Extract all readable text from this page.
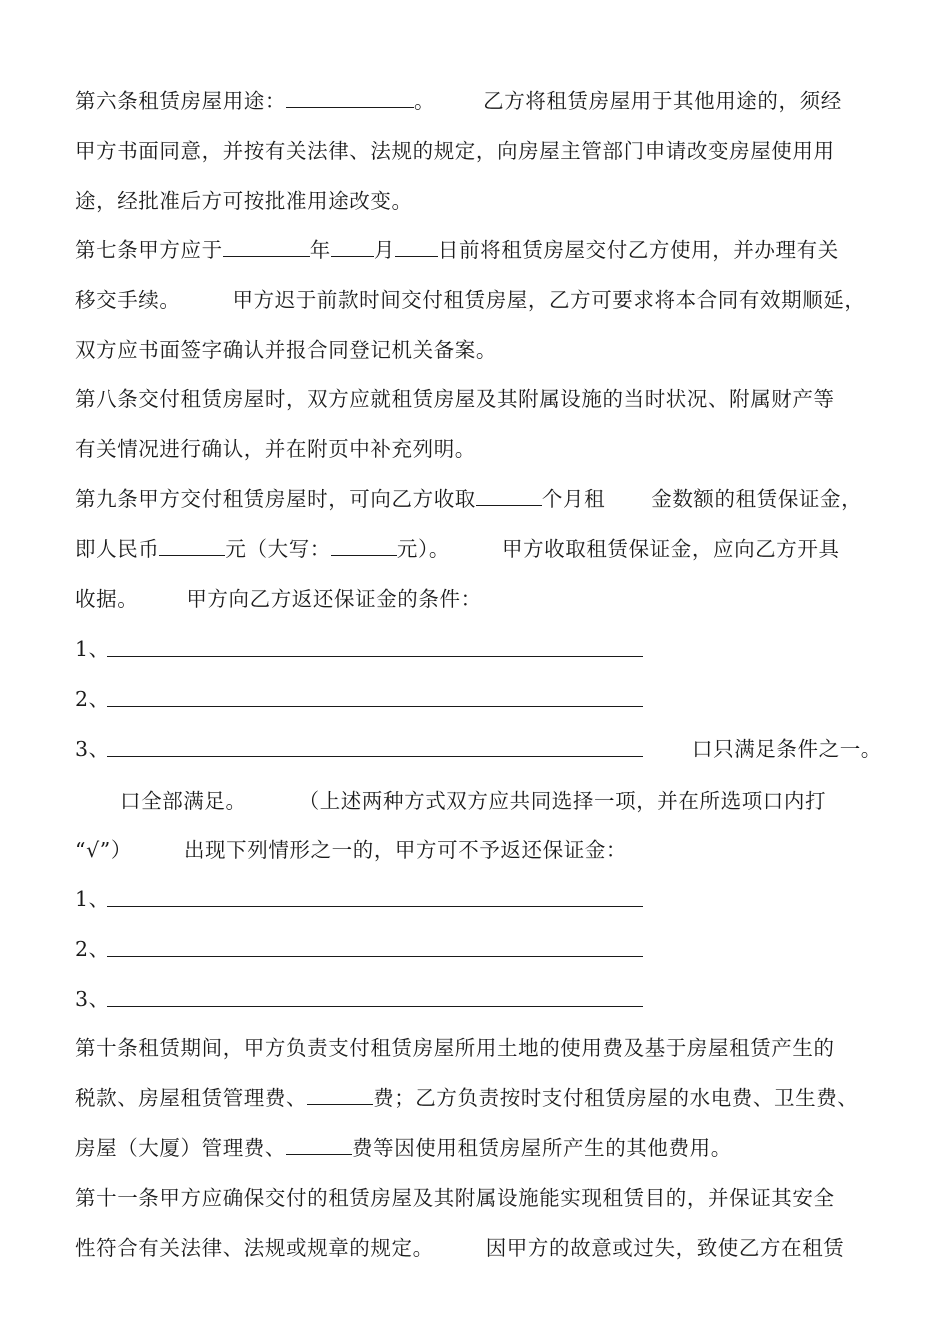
第六条租赁房屋用途：	。 乙方将租赁房屋用于其他用途的，须经
甲方书面同意，并按有关法律、法规的规定，向房屋主管部门申请改变房屋使用用
途，经批准后方可按批准用途改变。
第七条甲方应于	年 月 日前将租赁房屋交付乙方使用，并办理有关
移交手续。	甲方迟于前款时间交付租赁房屋，乙方可要求将本合同有效期顺延，
双方应书面签字确认并报合同登记机关备案。
第八条交付租赁房屋时，双方应就租赁房屋及其附属设施的当时状况、附属财产等
有关情况进行确认，并在附页中补充列明。
第九条甲方交付租赁房屋时，可向乙方收取	个月租 金数额的租赁保证金，
即人民币	元（大写：	元）。	甲方收取租赁保证金，应向乙方开具
收据。 甲方向乙方返还保证金的条件：
1、
2、
3、	口只满足条件之一。
口全部满足。	（上述两种方式双方应共同选择一项，并在所选项口内打
“√”）	出现下列情形之一的，甲方可不予返还保证金：
1、
2、
3、
第十条租赁期间，甲方负责支付租赁房屋所用土地的使用费及基于房屋租赁产生的
税款、房屋租赁管理费、	费；乙方负责按时支付租赁房屋的水电费、卫生费、
房屋（大厦）管理费、	费等因使用租赁房屋所产生的其他费用。
第十一条甲方应确保交付的租赁房屋及其附属设施能实现租赁目的，并保证其安全
性符合有关法律、法规或规章的规定。	因甲方的故意或过失，致使乙方在租赁
